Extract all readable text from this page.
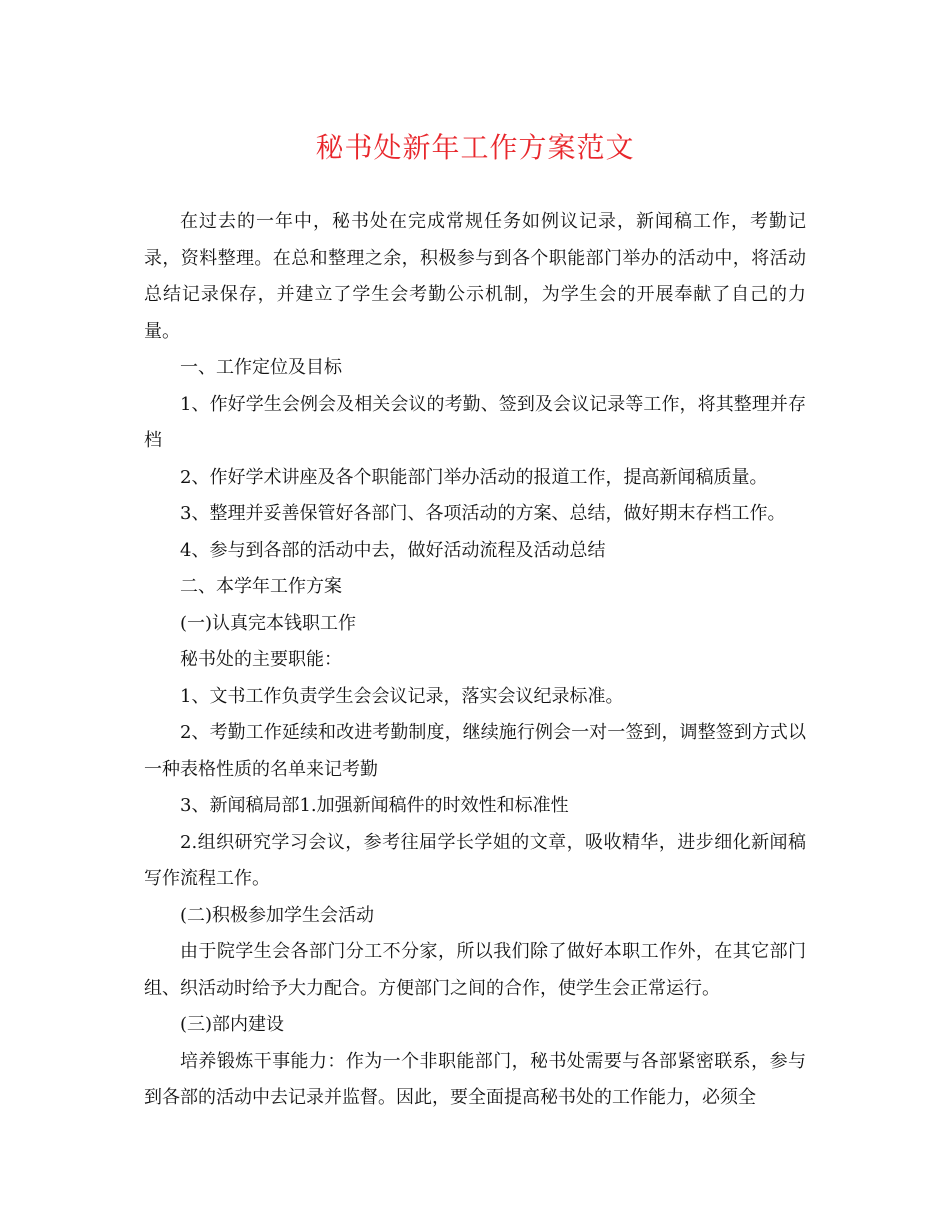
秘书处新年工作方案范文

在过去的一年中，秘书处在完成常规任务如例议记录，新闻稿工作，考勤记录，资料整理。在总和整理之余，积极参与到各个职能部门举办的活动中，将活动总结记录保存，并建立了学生会考勤公示机制，为学生会的开展奉献了自己的力量。

一、工作定位及目标

1、作好学生会例会及相关会议的考勤、签到及会议记录等工作，将其整理并存档

2、作好学术讲座及各个职能部门举办活动的报道工作，提高新闻稿质量。

3、整理并妥善保管好各部门、各项活动的方案、总结，做好期末存档工作。

4、参与到各部的活动中去，做好活动流程及活动总结

二、本学年工作方案

(一)认真完本钱职工作

秘书处的主要职能：

1、文书工作负责学生会会议记录，落实会议纪录标准。

2、考勤工作延续和改进考勤制度，继续施行例会一对一签到，调整签到方式以一种表格性质的名单来记考勤

3、新闻稿局部1.加强新闻稿件的时效性和标准性

2.组织研究学习会议，参考往届学长学姐的文章，吸收精华，进步细化新闻稿写作流程工作。

(二)积极参加学生会活动

由于院学生会各部门分工不分家，所以我们除了做好本职工作外，在其它部门组、织活动时给予大力配合。方便部门之间的合作，使学生会正常运行。

(三)部内建设

培养锻炼干事能力：作为一个非职能部门，秘书处需要与各部紧密联系，参与到各部的活动中去记录并监督。因此，要全面提高秘书处的工作能力，必须全
